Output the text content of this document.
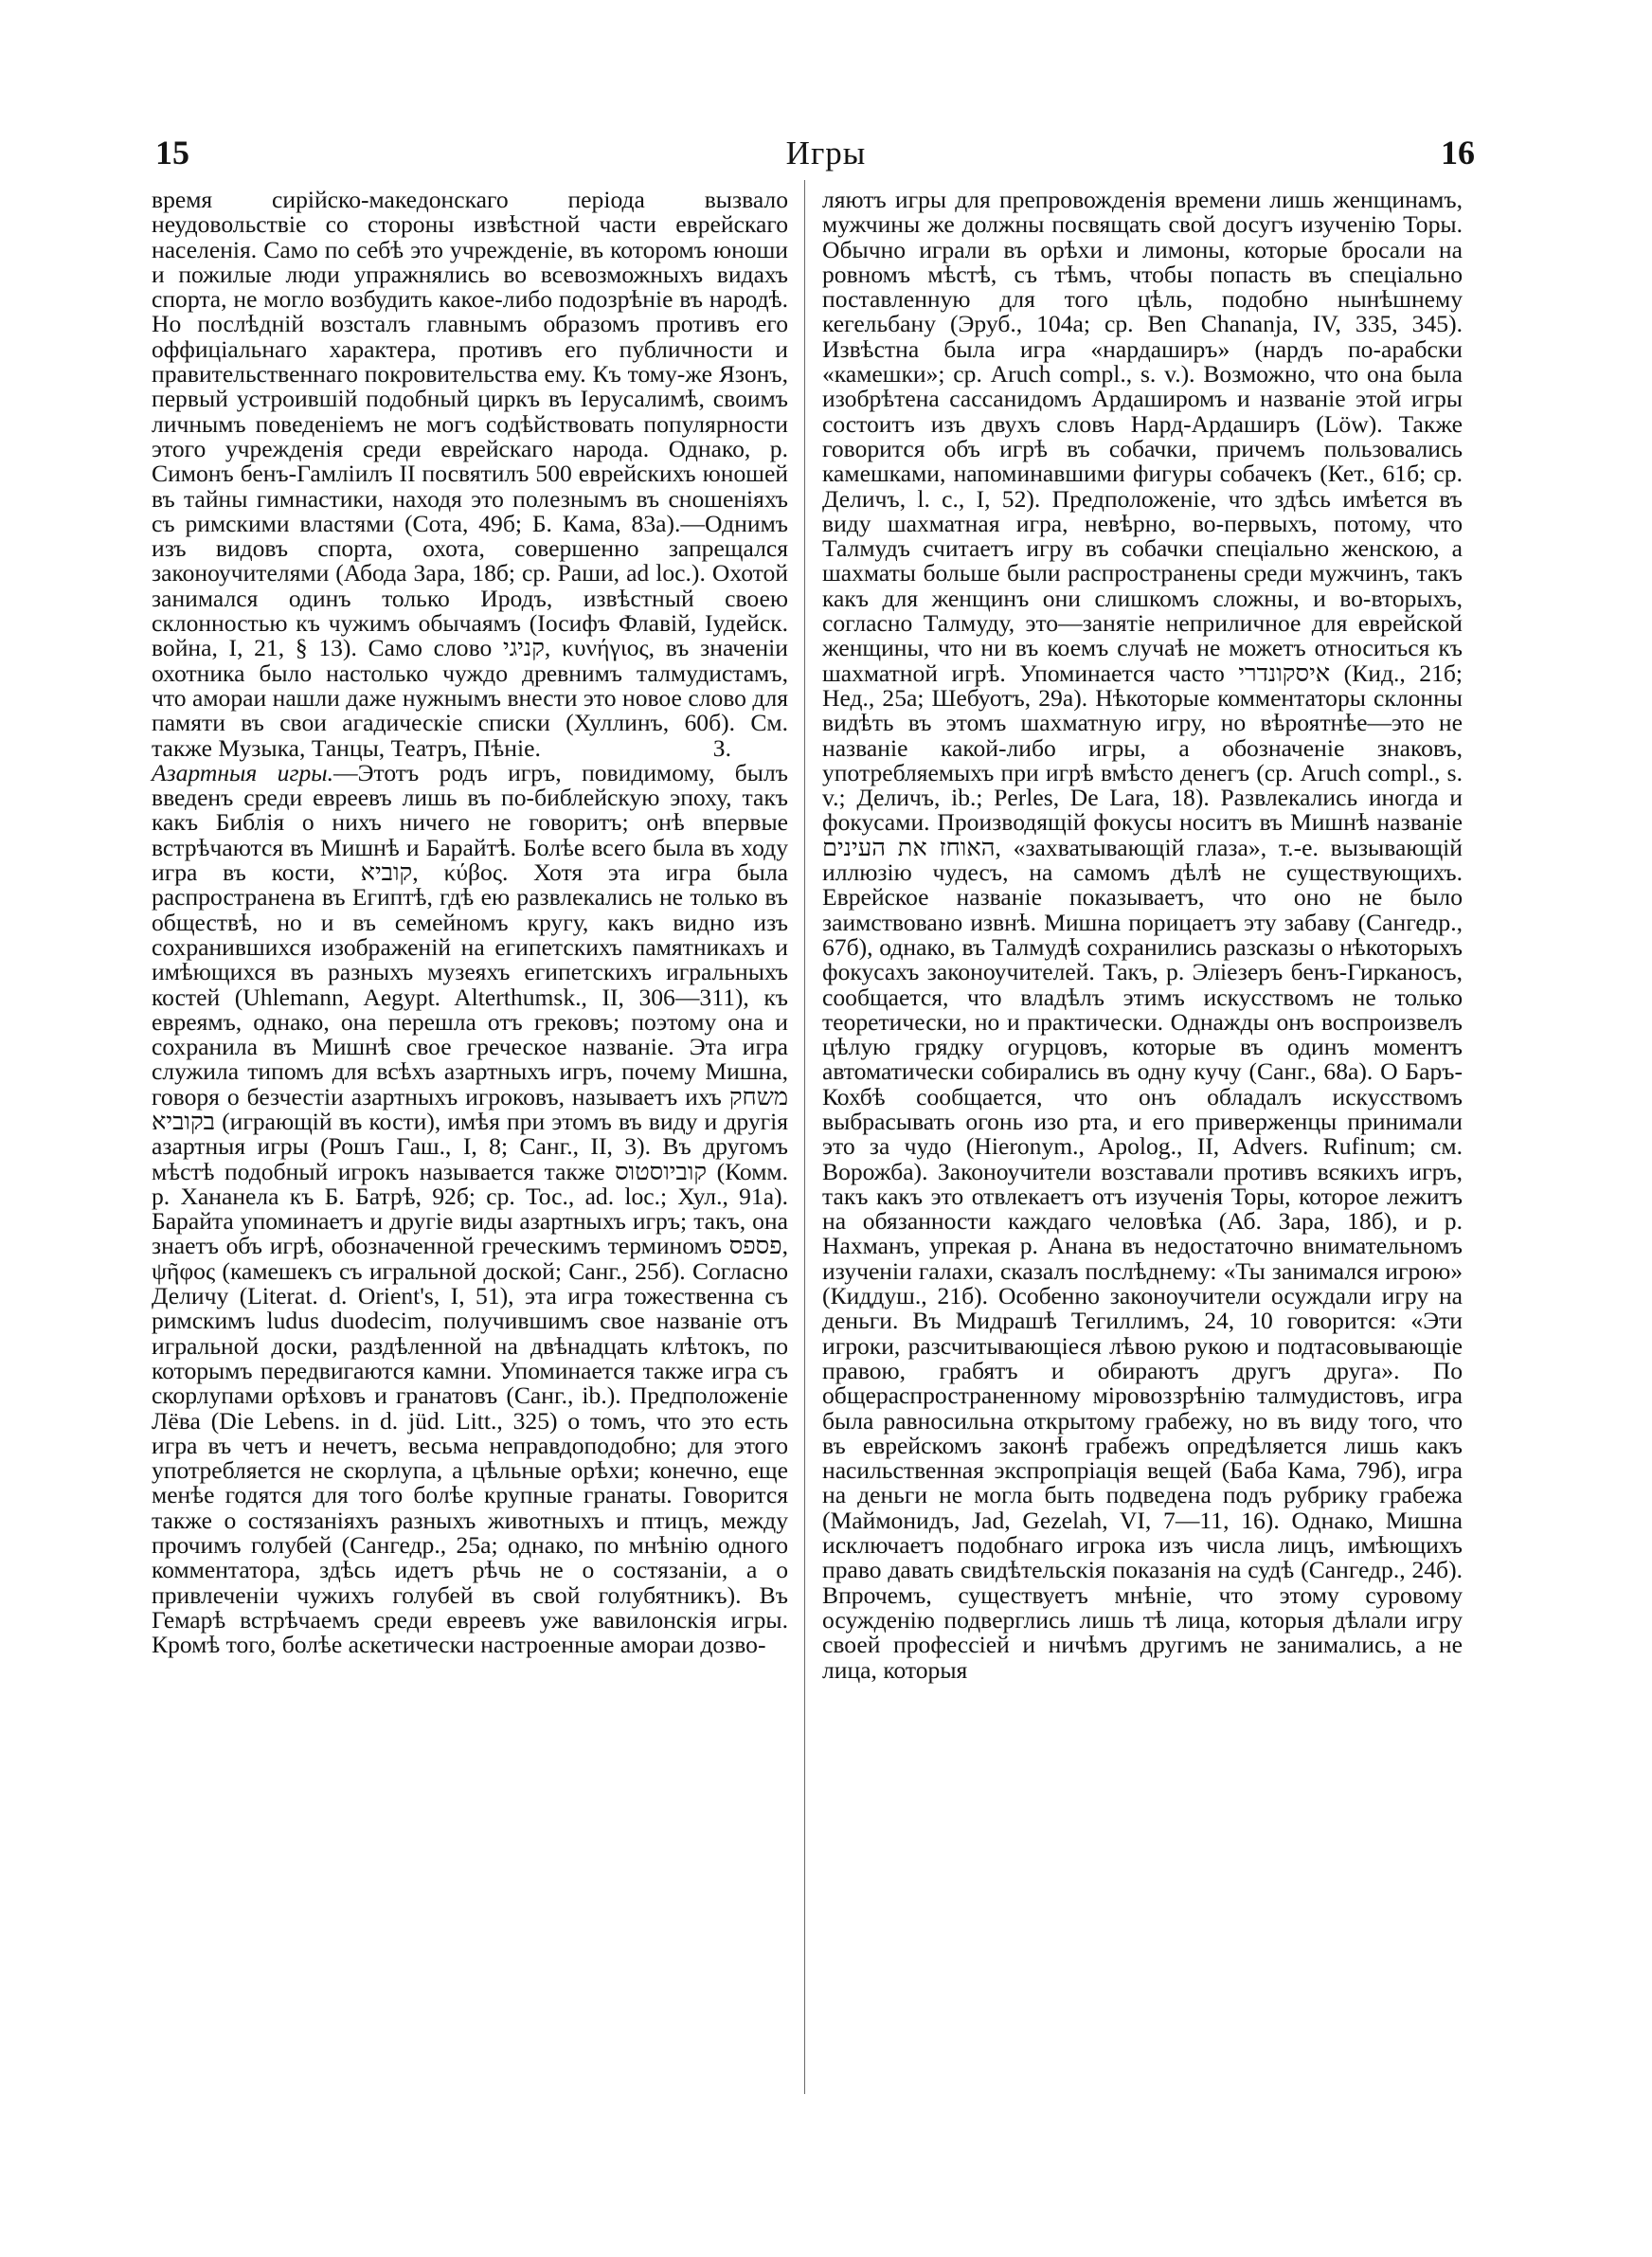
15	Игры	16

время сирійско-македонскаго періода вызвало неудовольствіе со стороны извѣстной части еврейскаго населенія. Само по себѣ это учрежденіе, въ которомъ юноши и пожилые люди упражнялись во всевозможныхъ видахъ спорта, не могло возбудить какое-либо подозрѣніе въ народѣ. Но послѣдній возсталъ главнымъ образомъ противъ его оффиціальнаго характера, противъ его публичности и правительственнаго покровительства ему. Къ тому-же Язонъ, первый устроившій подобный циркъ въ Іерусалимѣ, своимъ личнымъ поведеніемъ не могъ содѣйствовать популярности этого учрежденія среди еврейскаго народа. Однако, р. Симонъ бенъ-Гамліилъ II посвятилъ 500 еврейскихъ юношей въ тайны гимнастики, находя это полезнымъ въ сношеніяхъ съ римскими властями (Сота, 49б; Б. Кама, 83а).—Однимъ изъ видовъ спорта, охота, совершенно запрещался законоучителями (Абода Зара, 18б; ср. Раши, ad loc.). Охотой занимался одинъ только Иродъ, извѣстный своею склонностью къ чужимъ обычаямъ (Іосифъ Флавій, Іудейск. война, I, 21, § 13). Само слово קניגי, κυνήγιος, въ значеніи охотника было настолько чуждо древнимъ талмудистамъ, что амораи нашли даже нужнымъ внести это новое слово для памяти въ свои агадическіе списки (Хуллинъ, 60б). См. также Музыка, Танцы, Театръ, Пѣніе.	З.

Азартныя игры.—Этотъ родъ игръ, повидимому, былъ введенъ среди евреевъ лишь въ по-библейскую эпоху, такъ какъ Библія о нихъ ничего не говоритъ; онѣ впервые встрѣчаются въ Мишнѣ и Барайтѣ. Болѣе всего была въ ходу игра въ кости, קוביא, κύβος. Хотя эта игра была распространена въ Египтѣ, гдѣ ею развлекались не только въ обществѣ, но и въ семейномъ кругу, какъ видно изъ сохранившихся изображеній на египетскихъ памятникахъ и имѣющихся въ разныхъ музеяхъ египетскихъ игральныхъ костей (Uhlemann, Aegypt. Alterthumsk., II, 306—311), къ евреямъ, однако, она перешла отъ грековъ; поэтому она и сохранила въ Мишнѣ свое греческое названіе. Эта игра служила типомъ для всѣхъ азартныхъ игръ, почему Мишна, говоря о безчестіи азартныхъ игроковъ, называетъ ихъ משחק בקוביא (играющій въ кости), имѣя при этомъ въ виду и другія азартныя игры (Рошъ Гаш., I, 8; Санг., II, 3). Въ другомъ мѣстѣ подобный игрокъ называется также קוביוסטוס (Комм. р. Хананела къ Б. Батрѣ, 92б; ср. Тос., ad. loc.; Хул., 91а). Барайта упоминаетъ и другіе виды азартныхъ игръ; такъ, она знаетъ объ игрѣ, обозначенной греческимъ терминомъ פספס, ψῆφος (камешекъ съ игральной доской; Санг., 25б). Согласно Деличу (Literat. d. Orient's, I, 51), эта игра тожественна съ римскимъ ludus duodecim, получившимъ свое названіе отъ игральной доски, раздѣленной на двѣнадцать клѣтокъ, по которымъ передвигаются камни. Упоминается также игра съ скорлупами орѣховъ и гранатовъ (Санг., ib.). Предположеніе Лёва (Die Lebens. in d. jüd. Litt., 325) о томъ, что это есть игра въ четъ и нечетъ, весьма неправдоподобно; для этого употребляется не скорлупа, а цѣльные орѣхи; конечно, еще менѣе годятся для того болѣе крупные гранаты. Говорится также о состязаніяхъ разныхъ животныхъ и птицъ, между прочимъ голубей (Сангедр., 25а; однако, по мнѣнію одного комментатора, здѣсь идетъ рѣчь не о состязаніи, а о привлеченіи чужихъ голубей въ свой голубятникъ). Въ Гемарѣ встрѣчаемъ среди евреевъ уже вавилонскія игры. Кромѣ того, болѣе аскетически настроенные амораи дозво-

ляютъ игры для препровожденія времени лишь женщинамъ, мужчины же должны посвящать свой досугъ изученію Торы. Обычно играли въ орѣхи и лимоны, которые бросали на ровномъ мѣстѣ, съ тѣмъ, чтобы попасть въ спеціально поставленную для того цѣль, подобно нынѣшнему кегельбану (Эруб., 104а; ср. Ben Chananja, IV, 335, 345). Извѣстна была игра «нардаширъ» (нардъ по-арабски «камешки»; ср. Aruch compl., s. v.). Возможно, что она была изобрѣтена сассанидомъ Ардаширомъ и названіе этой игры состоитъ изъ двухъ словъ Нард-Ардаширъ (Löw). Также говорится объ игрѣ въ собачки, причемъ пользовались камешками, напоминавшими фигуры собачекъ (Кет., 61б; ср. Деличъ, l. c., I, 52). Предположеніе, что здѣсь имѣется въ виду шахматная игра, невѣрно, во-первыхъ, потому, что Талмудъ считаетъ игру въ собачки спеціально женскою, а шахматы больше были распространены среди мужчинъ, такъ какъ для женщинъ они слишкомъ сложны, и во-вторыхъ, согласно Талмуду, это—занятіе неприличное для еврейской женщины, что ни въ коемъ случаѣ не можетъ относиться къ шахматной игрѣ. Упоминается часто איסקונדרי (Кид., 21б; Нед., 25а; Шебуотъ, 29а). Нѣкоторые комментаторы склонны видѣть въ этомъ шахматную игру, но вѣроятнѣе—это не названіе какой-либо игры, а обозначеніе знаковъ, употребляемыхъ при игрѣ вмѣсто денегъ (ср. Aruch compl., s. v.; Деличъ, ib.; Perles, De Lara, 18). Развлекались иногда и фокусами. Производящій фокусы носитъ въ Мишнѣ названіе האוחז את העינים, «захватывающій глаза», т.-е. вызывающій иллюзію чудесъ, на самомъ дѣлѣ не существующихъ. Еврейское названіе показываетъ, что оно не было заимствовано извнѣ. Мишна порицаетъ эту забаву (Сангедр., 67б), однако, въ Талмудѣ сохранились разсказы о нѣкоторыхъ фокусахъ законоучителей. Такъ, р. Эліезеръ бенъ-Гирканосъ, сообщается, что владѣлъ этимъ искусствомъ не только теоретически, но и практически. Однажды онъ воспроизвелъ цѣлую грядку огурцовъ, которые въ одинъ моментъ автоматически собирались въ одну кучу (Санг., 68а). О Баръ-Кохбѣ сообщается, что онъ обладалъ искусствомъ выбрасывать огонь изо рта, и его приверженцы принимали это за чудо (Hieronym., Apolog., II, Advers. Rufinum; см. Ворожба). Законоучители возставали противъ всякихъ игръ, такъ какъ это отвлекаетъ отъ изученія Торы, которое лежитъ на обязанности каждаго человѣка (Аб. Зара, 18б), и р. Нахманъ, упрекая р. Анана въ недостаточно внимательномъ изученіи галахи, сказалъ послѣднему: «Ты занимался игрою» (Киддуш., 21б). Особенно законоучители осуждали игру на деньги. Въ Мидрашѣ Тегиллимъ, 24, 10 говорится: «Эти игроки, разсчитывающіеся лѣвою рукою и подтасовывающіе правою, грабятъ и обираютъ другъ друга». По общераспространенному міровоззрѣнію талмудистовъ, игра была равносильна открытому грабежу, но въ виду того, что въ еврейскомъ законѣ грабежъ опредѣляется лишь какъ насильственная экспропріація вещей (Баба Кама, 79б), игра на деньги не могла быть подведена подъ рубрику грабежа (Маймонидъ, Jad, Gezelah, VI, 7—11, 16). Однако, Мишна исключаетъ подобнаго игрока изъ числа лицъ, имѣющихъ право давать свидѣтельскія показанія на судѣ (Сангедр., 24б). Впрочемъ, существуетъ мнѣніе, что этому суровому осужденію подверглись лишь тѣ лица, которыя дѣлали игру своей профессіей и ничѣмъ другимъ не занимались, а не лица, которыя
